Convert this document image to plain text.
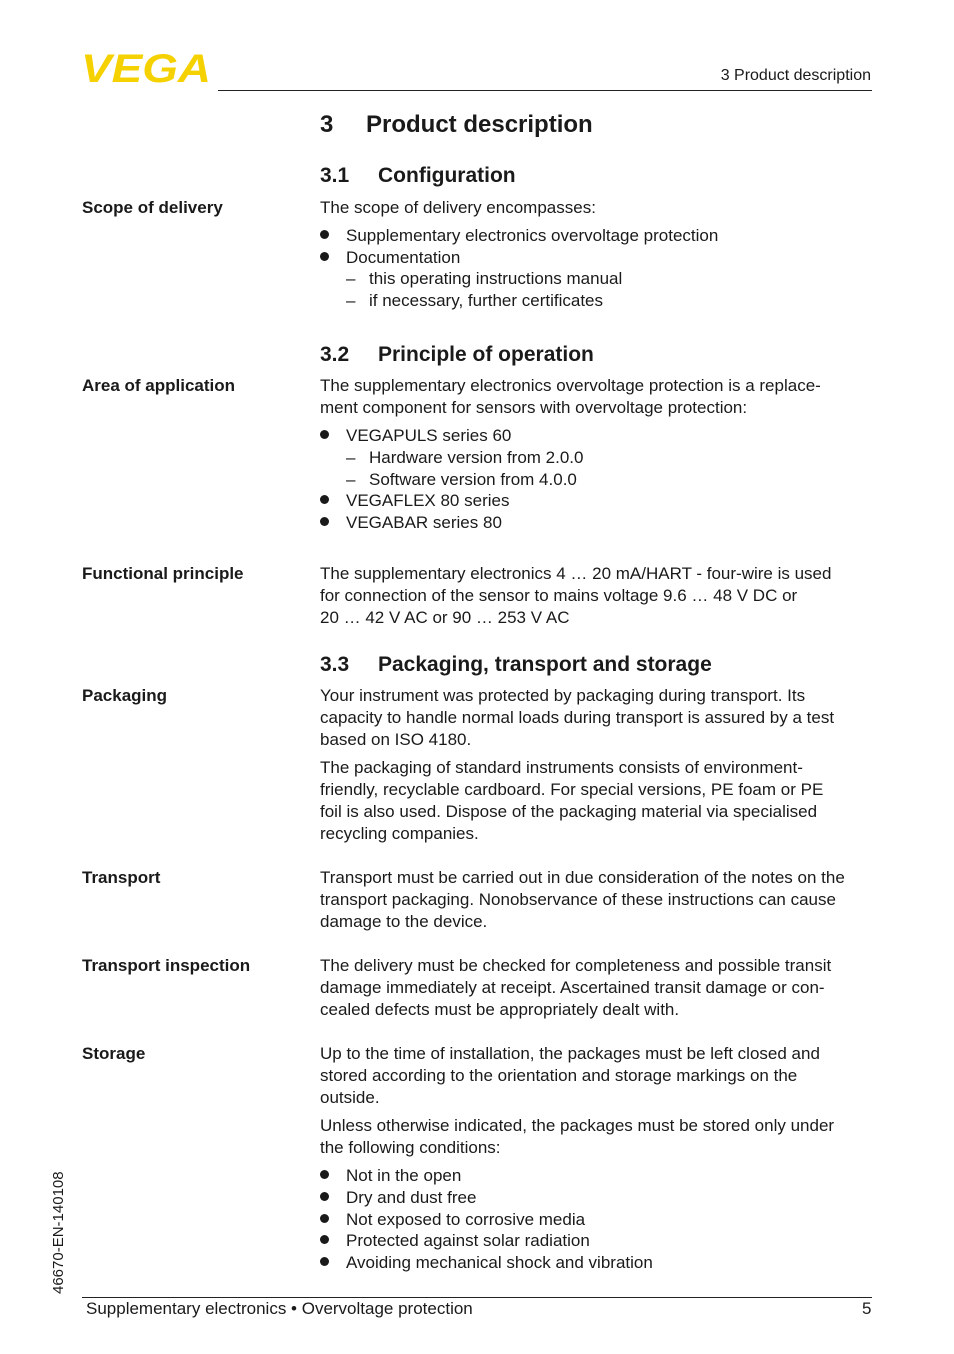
VEGA	3 Product description
3 Product description
3.1 Configuration
Scope of delivery	The scope of delivery encompasses:
Supplementary electronics overvoltage protection
Documentation
– this operating instructions manual
– if necessary, further certificates
3.2 Principle of operation
Area of application	The supplementary electronics overvoltage protection is a replace-
ment component for sensors with overvoltage protection:
VEGAPULS series 60
– Hardware version from 2.0.0
– Software version from 4.0.0
VEGAFLEX 80 series
VEGABAR series 80
Functional principle	The supplementary electronics 4 … 20 mA/HART - four-wire is used
for connection of the sensor to mains voltage 9.6 … 48 V DC or
20 … 42 V AC or 90 … 253 V AC
3.3 Packaging, transport and storage
Packaging	Your instrument was protected by packaging during transport. Its
capacity to handle normal loads during transport is assured by a test
based on ISO 4180.
The packaging of standard instruments consists of environment-
friendly, recyclable cardboard. For special versions, PE foam or PE
foil is also used. Dispose of the packaging material via specialised
recycling companies.
Transport	Transport must be carried out in due consideration of the notes on the
transport packaging. Nonobservance of these instructions can cause
damage to the device.
Transport inspection	The delivery must be checked for completeness and possible transit
damage immediately at receipt. Ascertained transit damage or con-
cealed defects must be appropriately dealt with.
Storage	Up to the time of installation, the packages must be left closed and
stored according to the orientation and storage markings on the
outside.
Unless otherwise indicated, the packages must be stored only under
the following conditions:
Not in the open
Dry and dust free
Not exposed to corrosive media
Protected against solar radiation
Avoiding mechanical shock and vibration
46670-EN-140108
Supplementary electronics • Overvoltage protection	5
